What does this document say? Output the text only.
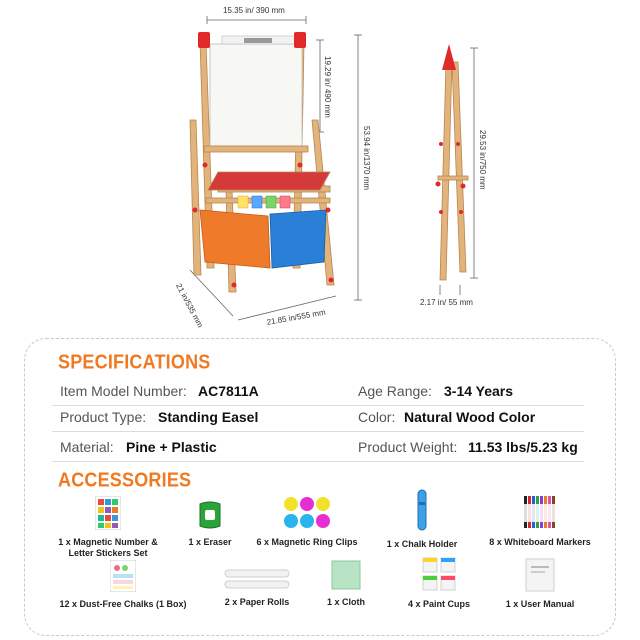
15.35 in/ 390 mm
19.29 in/ 490 mm
53.94 in/1370 mm	29.53 in/750 mm
21 in/535 mm	21.85 in/555 mm
2.17 in/ 55 mm
SPECIFICATIONS
Item Model Number: AC7811A	Age Range: 3-14 Years
Product Type: Standing Easel	Color: Natural Wood Color
Material: Pine + Plastic	Product Weight: 11.53 lbs/5.23 kg
ACCESSORIES
1 x Magnetic Number &
Letter Stickers Set
1 x Eraser	6 x Magnetic Ring Clips	1 x Chalk Holder	8 x Whiteboard Markers
12 x Dust-Free Chalks (1 Box)	2 x Paper Rolls	1 x Cloth	4 x Paint Cups	1 x User Manual
